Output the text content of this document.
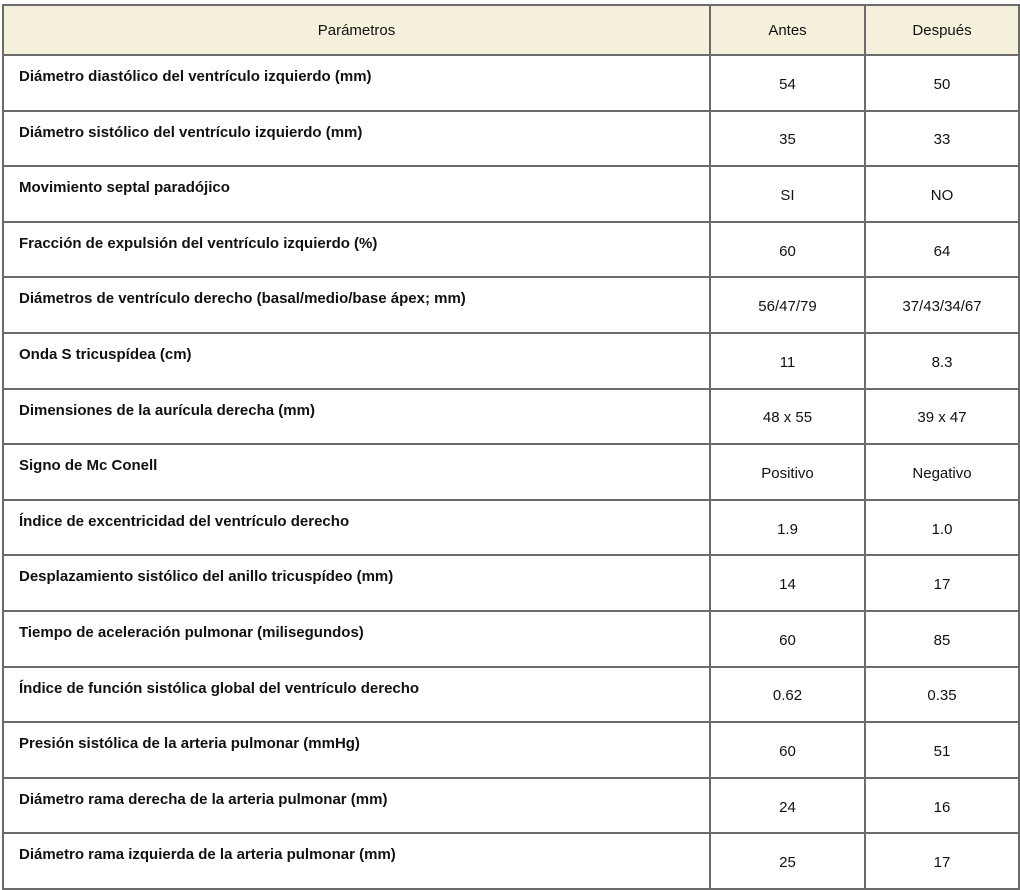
Parámetros	Antes	Después
Diámetro diastólico del ventrículo izquierdo (mm)	54	50
Diámetro sistólico del ventrículo izquierdo (mm)	35	33
Movimiento septal paradójico	SI	NO
Fracción de expulsión del ventrículo izquierdo (%)	60	64
Diámetros de ventrículo derecho (basal/medio/base ápex; mm)	56/47/79	37/43/34/67
Onda S tricuspídea (cm)	11	8.3
Dimensiones de la aurícula derecha (mm)	48 x 55	39 x 47
Signo de Mc Conell	Positivo	Negativo
Índice de excentricidad del ventrículo derecho	1.9	1.0
Desplazamiento sistólico del anillo tricuspídeo (mm)	14	17
Tiempo de aceleración pulmonar (milisegundos)	60	85
Índice de función sistólica global del ventrículo derecho	0.62	0.35
Presión sistólica de la arteria pulmonar (mmHg)	60	51
Diámetro rama derecha de la arteria pulmonar (mm)	24	16
Diámetro rama izquierda de la arteria pulmonar (mm)	25	17
